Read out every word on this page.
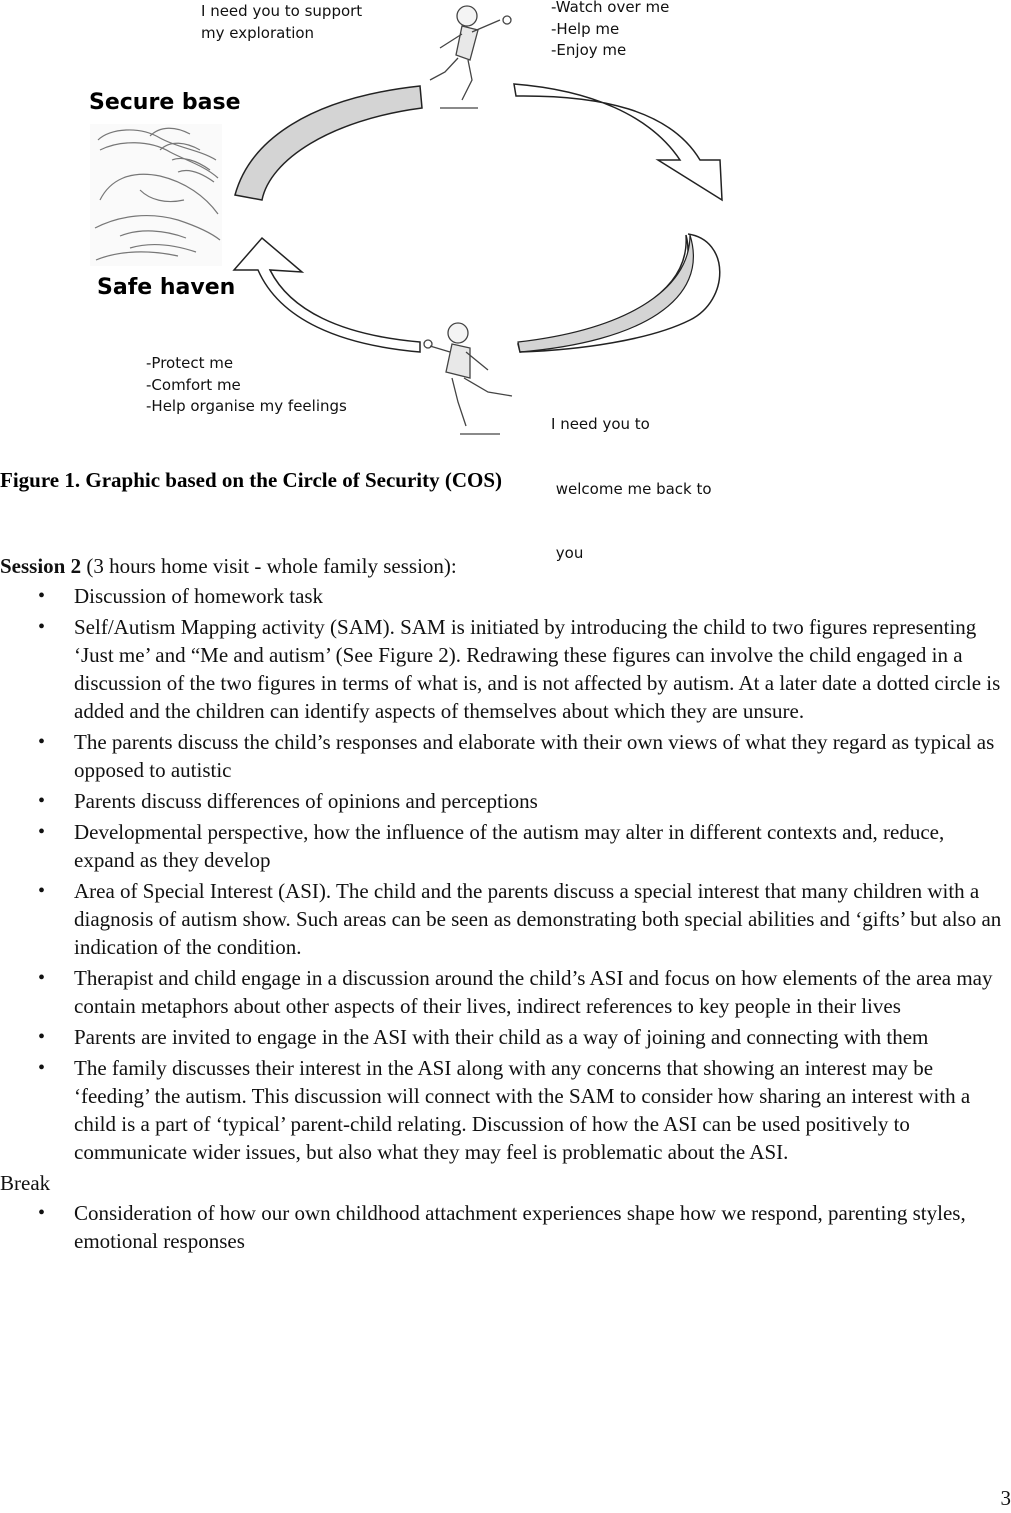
I need you to support
my exploration
-Watch over me
-Help me
-Enjoy me
Secure base
Safe haven
-Protect me
-Comfort me
-Help organise my feelings

I need you to

welcome me back to

you

Figure 1. Graphic based on the Circle of Security (COS)

Session 2 (3 hours home visit - whole family session):

• Discussion of homework task
• Self/Autism Mapping activity (SAM). SAM is initiated by introducing the child to two figures representing ‘Just me’ and “Me and autism’ (See Figure 2). Redrawing these figures can involve the child engaged in a discussion of the two figures in terms of what is, and is not affected by autism. At a later date a dotted circle is added and the children can identify aspects of themselves about which they are unsure.
• The parents discuss the child’s responses and elaborate with their own views of what they regard as typical as opposed to autistic
• Parents discuss differences of opinions and perceptions
• Developmental perspective, how the influence of the autism may alter in different contexts and, reduce, expand as they develop
• Area of Special Interest (ASI). The child and the parents discuss a special interest that many children with a diagnosis of autism show. Such areas can be seen as demonstrating both special abilities and ‘gifts’ but also an indication of the condition.
• Therapist and child engage in a discussion around the child’s ASI and focus on how elements of the area may contain metaphors about other aspects of their lives, indirect references to key people in their lives
• Parents are invited to engage in the ASI with their child as a way of joining and connecting with them
• The family discusses their interest in the ASI along with any concerns that showing an interest may be ‘feeding’ the autism. This discussion will connect with the SAM to consider how sharing an interest with a child is a part of ‘typical’ parent-child relating. Discussion of how the ASI can be used positively to communicate wider issues, but also what they may feel is problematic about the ASI.

Break

• Consideration of how our own childhood attachment experiences shape how we respond, parenting styles, emotional responses
3
